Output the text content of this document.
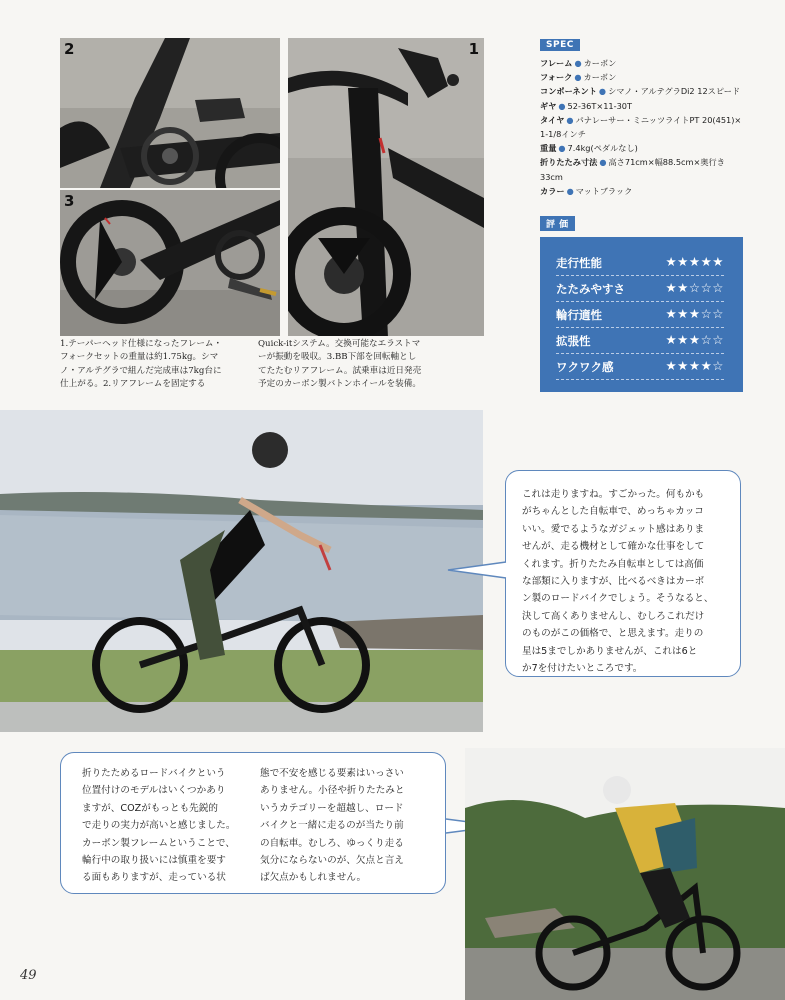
2	1
3
1.テーパーヘッド仕様になったフレーム・
フォークセットの重量は約1.75kg。シマ
ノ・アルテグラで組んだ完成車は7kg台に
仕上がる。2.リアフレームを固定する
Quick-itシステム。交換可能なエラストマ
ーが振動を吸収。3.BB下部を回転軸とし
てたたむリアフレーム。試乗車は近日発売
予定のカーボン製バトンホイールを装備。
SPEC
フレーム ● カーボン
フォーク ● カーボン
コンポーネント ● シマノ・アルテグラDi2 12スピード
ギヤ ● 52-36T×11-30T
タイヤ ● パナレーサー・ミニッツライトPT 20(451)×
1-1/8インチ
重量 ● 7.4kg(ペダルなし)
折りたたみ寸法 ● 高さ71cm×幅88.5cm×奥行き
33cm
カラー ● マットブラック
評 価
走行性能	★★★★★
たたみやすさ	★★☆☆☆
輪行適性	★★★☆☆
拡張性	★★★☆☆
ワクワク感	★★★★☆
これは走りますね。すごかった。何もかも
がちゃんとした自転車で、めっちゃカッコ
いい。愛でるようなガジェット感はありま
せんが、走る機材として確かな仕事をして
くれます。折りたたみ自転車としては高価
な部類に入りますが、比べるべきはカーボ
ン製のロードバイクでしょう。そうなると、
決して高くありませんし、むしろこれだけ
のものがこの価格で、と思えます。走りの
星は5までしかありませんが、これは6と
か7を付けたいところです。
折りたためるロードバイクという
位置付けのモデルはいくつかあり
ますが、COZがもっとも先鋭的
で走りの実力が高いと感じました。
カーボン製フレームということで、
輪行中の取り扱いには慎重を要す
る面もありますが、走っている状
態で不安を感じる要素はいっさい
ありません。小径や折りたたみと
いうカテゴリーを超越し、ロード
バイクと一緒に走るのが当たり前
の自転車。むしろ、ゆっくり走る
気分にならないのが、欠点と言え
ば欠点かもしれません。
49
